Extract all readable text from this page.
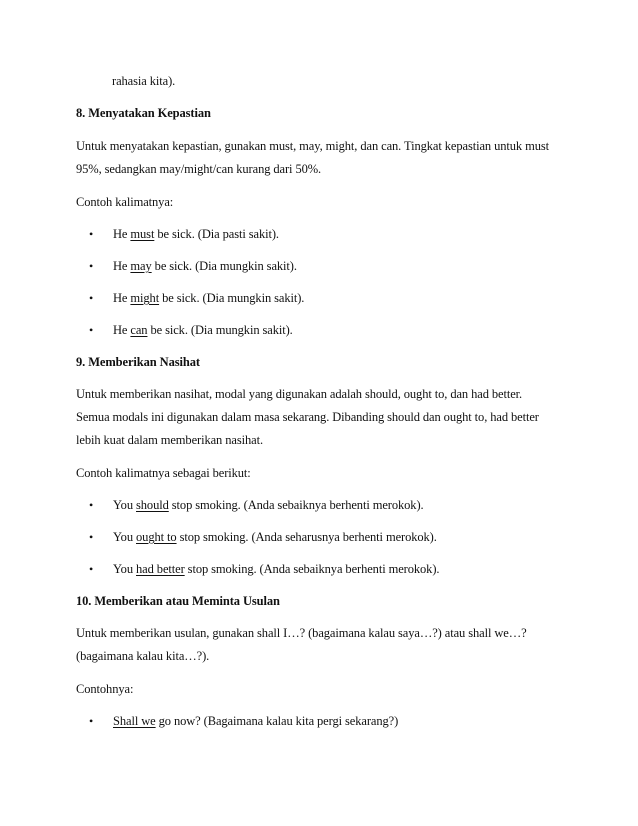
rahasia kita).
8. Menyatakan Kepastian
Untuk menyatakan kepastian, gunakan must, may, might, dan can. Tingkat kepastian untuk must
95%, sedangkan may/might/can kurang dari 50%.
Contoh kalimatnya:
• He must be sick. (Dia pasti sakit).
• He may be sick. (Dia mungkin sakit).
• He might be sick. (Dia mungkin sakit).
• He can be sick. (Dia mungkin sakit).
9. Memberikan Nasihat
Untuk memberikan nasihat, modal yang digunakan adalah should, ought to, dan had better.
Semua modals ini digunakan dalam masa sekarang. Dibanding should dan ought to, had better
lebih kuat dalam memberikan nasihat.
Contoh kalimatnya sebagai berikut:
• You should stop smoking. (Anda sebaiknya berhenti merokok).
• You ought to stop smoking. (Anda seharusnya berhenti merokok).
• You had better stop smoking. (Anda sebaiknya berhenti merokok).
10. Memberikan atau Meminta Usulan
Untuk memberikan usulan, gunakan shall I…? (bagaimana kalau saya…?) atau shall we…?
(bagaimana kalau kita…?).
Contohnya:
• Shall we go now? (Bagaimana kalau kita pergi sekarang?)
